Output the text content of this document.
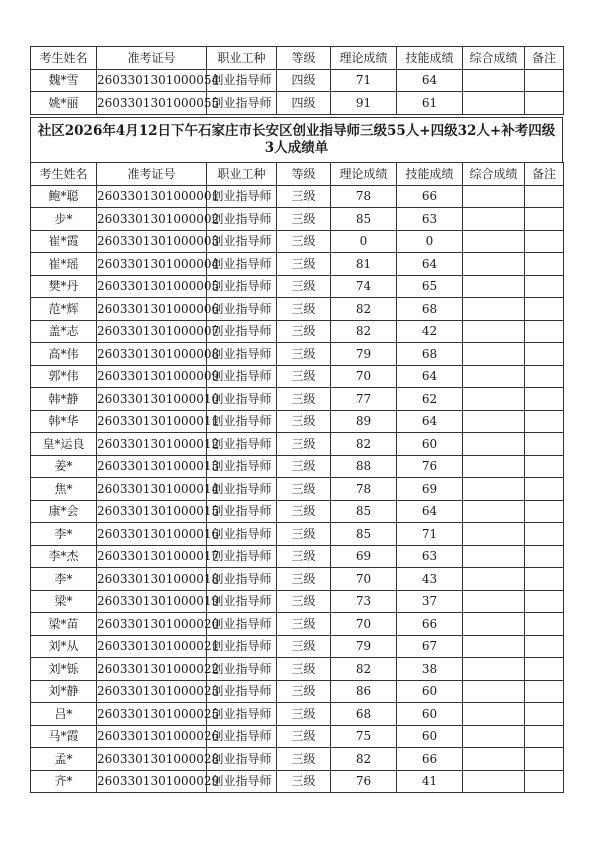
考生姓名	准考证号	职业工种	等级	理论成绩	技能成绩	综合成绩	备注
魏*雪	2603301301000054	创业指导师	四级	71	64		
姚*丽	2603301301000055	创业指导师	四级	91	61		
社区2026年4月12日下午石家庄市长安区创业指导师三级55人+四级32人+补考四级3人成绩单
考生姓名	准考证号	职业工种	等级	理论成绩	技能成绩	综合成绩	备注
鲍*聪	2603301301000001	创业指导师	三级	78	66		
步*	2603301301000002	创业指导师	三级	85	63		
崔*霞	2603301301000003	创业指导师	三级	0	0		
崔*瑶	2603301301000004	创业指导师	三级	81	64		
樊*丹	2603301301000005	创业指导师	三级	74	65		
范*辉	2603301301000006	创业指导师	三级	82	68		
盖*志	2603301301000007	创业指导师	三级	82	42		
高*伟	2603301301000008	创业指导师	三级	79	68		
郭*伟	2603301301000009	创业指导师	三级	70	64		
韩*静	2603301301000010	创业指导师	三级	77	62		
韩*华	2603301301000011	创业指导师	三级	89	64		
皇*运良	2603301301000012	创业指导师	三级	82	60		
姜*	2603301301000013	创业指导师	三级	88	76		
焦*	2603301301000014	创业指导师	三级	78	69		
康*会	2603301301000015	创业指导师	三级	85	64		
李*	2603301301000016	创业指导师	三级	85	71		
李*杰	2603301301000017	创业指导师	三级	69	63		
李*	2603301301000018	创业指导师	三级	70	43		
梁*	2603301301000019	创业指导师	三级	73	37		
梁*苗	2603301301000020	创业指导师	三级	70	66		
刘*从	2603301301000021	创业指导师	三级	79	67		
刘*铄	2603301301000022	创业指导师	三级	82	38		
刘*静	2603301301000023	创业指导师	三级	86	60		
吕*	2603301301000025	创业指导师	三级	68	60		
马*霞	2603301301000026	创业指导师	三级	75	60		
孟*	2603301301000028	创业指导师	三级	82	66		
齐*	2603301301000029	创业指导师	三级	76	41		
